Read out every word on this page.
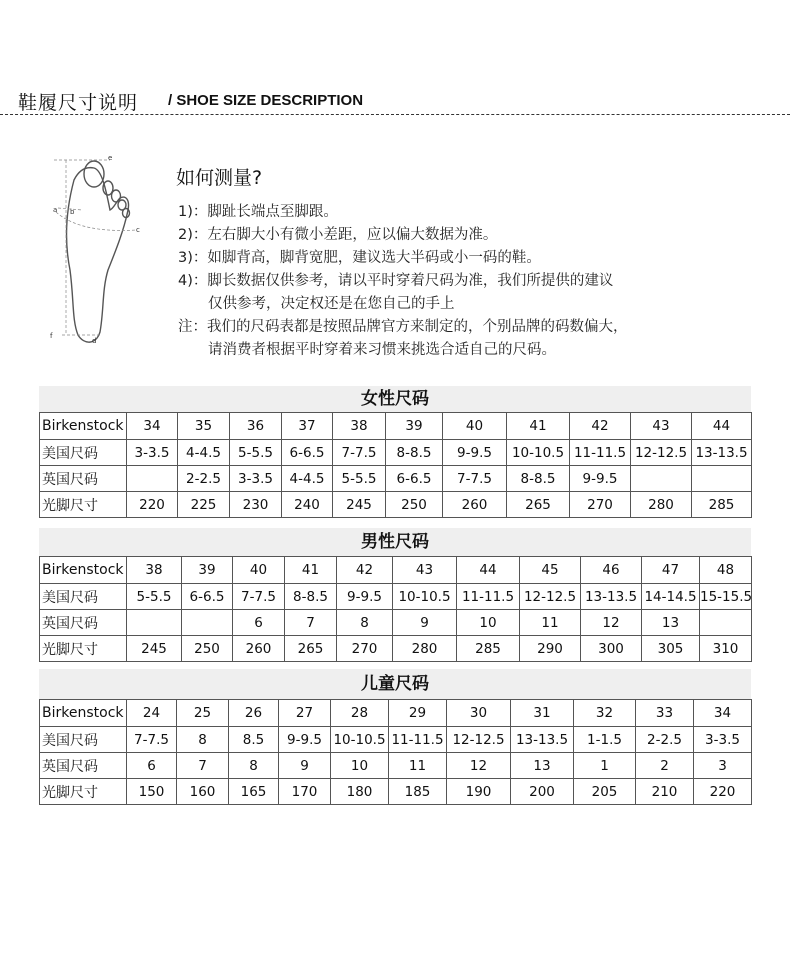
鞋履尺寸说明 / SHOE SIZE DESCRIPTION
e
a b
c
d
f
如何测量?
1)：脚趾长端点至脚跟。
2)：左右脚大小有微小差距，应以偏大数据为准。
3)：如脚背高，脚背宽肥，建议选大半码或小一码的鞋。
4)：脚长数据仅供参考，请以平时穿着尺码为准，我们所提供的建议
仅供参考，决定权还是在您自己的手上
注：我们的尺码表都是按照品牌官方来制定的，个别品牌的码数偏大，
请消费者根据平时穿着来习惯来挑选合适自己的尺码。
女性尺码
Birkenstock	34	35	36	37	38	39	40	41	42	43	44
美国尺码	3-3.5	4-4.5	5-5.5	6-6.5	7-7.5	8-8.5	9-9.5	10-10.5	11-11.5	12-12.5	13-13.5
英国尺码		2-2.5	3-3.5	4-4.5	5-5.5	6-6.5	7-7.5	8-8.5	9-9.5		
光脚尺寸	220	225	230	240	245	250	260	265	270	280	285
男性尺码
Birkenstock	38	39	40	41	42	43	44	45	46	47	48
美国尺码	5-5.5	6-6.5	7-7.5	8-8.5	9-9.5	10-10.5	11-11.5	12-12.5	13-13.5	14-14.5	15-15.5
英国尺码			6	7	8	9	10	11	12	13	
光脚尺寸	245	250	260	265	270	280	285	290	300	305	310
儿童尺码
Birkenstock	24	25	26	27	28	29	30	31	32	33	34
美国尺码	7-7.5	8	8.5	9-9.5	10-10.5	11-11.5	12-12.5	13-13.5	1-1.5	2-2.5	3-3.5
英国尺码	6	7	8	9	10	11	12	13	1	2	3
光脚尺寸	150	160	165	170	180	185	190	200	205	210	220
